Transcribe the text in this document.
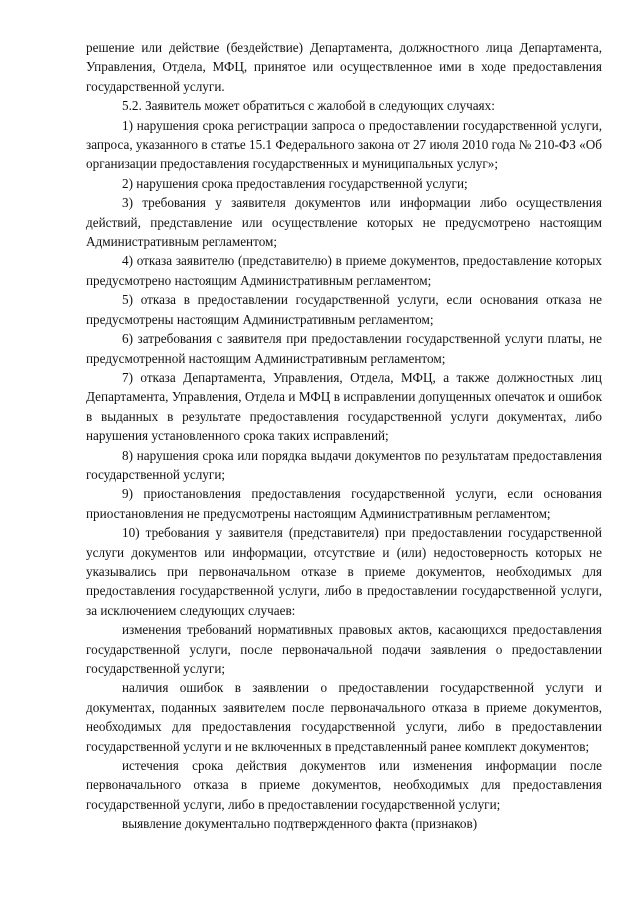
решение или действие (бездействие) Департамента, должностного лица Департамента, Управления, Отдела, МФЦ, принятое или осуществленное ими в ходе предоставления государственной услуги.

5.2. Заявитель может обратиться с жалобой в следующих случаях:

1) нарушения срока регистрации запроса о предоставлении государственной услуги, запроса, указанного в статье 15.1 Федерального закона от 27 июля 2010 года № 210-ФЗ «Об организации предоставления государственных и муниципальных услуг»;

2) нарушения срока предоставления государственной услуги;

3) требования у заявителя документов или информации либо осуществления действий, представление или осуществление которых не предусмотрено настоящим Административным регламентом;

4) отказа заявителю (представителю) в приеме документов, предоставление которых предусмотрено настоящим Административным регламентом;

5) отказа в предоставлении государственной услуги, если основания отказа не предусмотрены настоящим Административным регламентом;

6) затребования с заявителя при предоставлении государственной услуги платы, не предусмотренной настоящим Административным регламентом;

7) отказа Департамента, Управления, Отдела, МФЦ, а также должностных лиц Департамента, Управления, Отдела и МФЦ в исправлении допущенных опечаток и ошибок в выданных в результате предоставления государственной услуги документах, либо нарушения установленного срока таких исправлений;

8) нарушения срока или порядка выдачи документов по результатам предоставления государственной услуги;

9) приостановления предоставления государственной услуги, если основания приостановления не предусмотрены настоящим Административным регламентом;

10) требования у заявителя (представителя) при предоставлении государственной услуги документов или информации, отсутствие и (или) недостоверность которых не указывались при первоначальном отказе в приеме документов, необходимых для предоставления государственной услуги, либо в предоставлении государственной услуги, за исключением следующих случаев:

изменения требований нормативных правовых актов, касающихся предоставления государственной услуги, после первоначальной подачи заявления о предоставлении государственной услуги;

наличия ошибок в заявлении о предоставлении государственной услуги и документах, поданных заявителем после первоначального отказа в приеме документов, необходимых для предоставления государственной услуги, либо в предоставлении государственной услуги и не включенных в представленный ранее комплект документов;

истечения срока действия документов или изменения информации после первоначального отказа в приеме документов, необходимых для предоставления государственной услуги, либо в предоставлении государственной услуги;

выявление документально подтвержденного факта (признаков)
